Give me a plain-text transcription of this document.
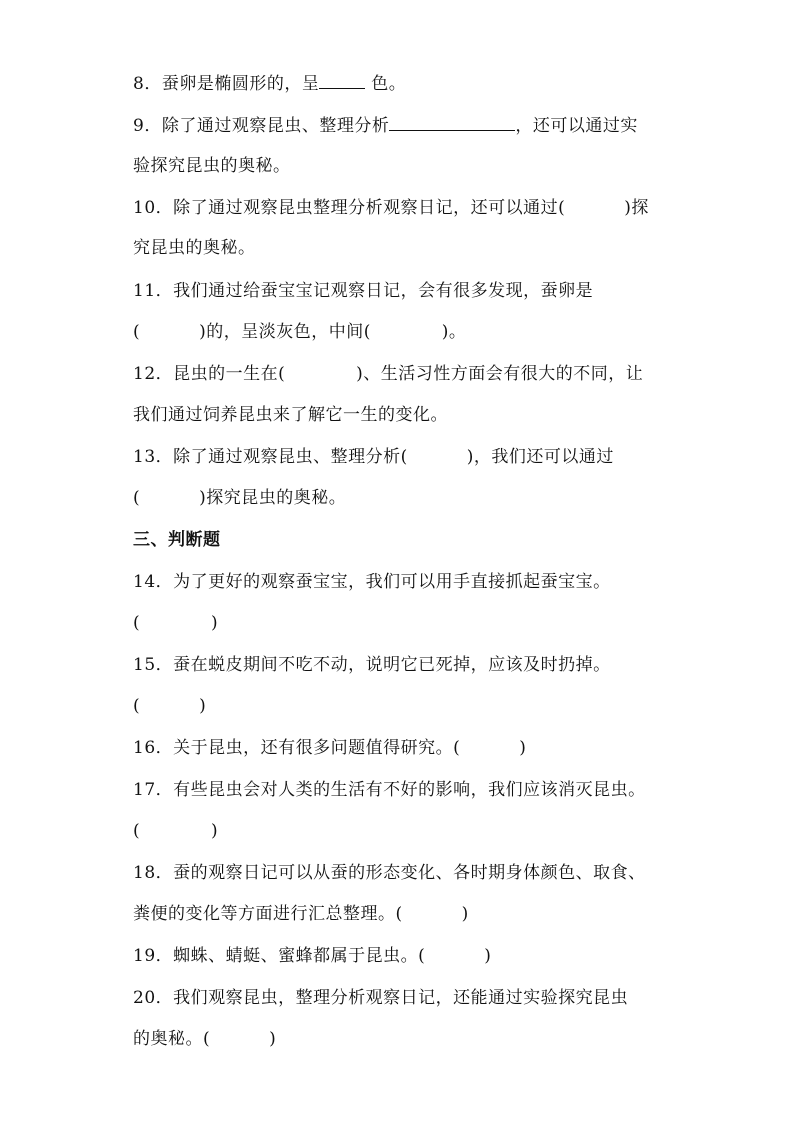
8．蚕卵是椭圆形的，呈	色。
9．除了通过观察昆虫、整理分析	，还可以通过实
验探究昆虫的奥秘。
10．除了通过观察昆虫整理分析观察日记，还可以通过(          )探
究昆虫的奥秘。
11．我们通过给蚕宝宝记观察日记，会有很多发现，蚕卵是
(          )的，呈淡灰色，中间(            )。
12．昆虫的一生在(            )、生活习性方面会有很大的不同，让
我们通过饲养昆虫来了解它一生的变化。
13．除了通过观察昆虫、整理分析(          )，我们还可以通过
(          )探究昆虫的奥秘。
三、判断题
14．为了更好的观察蚕宝宝，我们可以用手直接抓起蚕宝宝。
(            )
15．蚕在蜕皮期间不吃不动，说明它已死掉，应该及时扔掉。
(          )
16．关于昆虫，还有很多问题值得研究。(          )
17．有些昆虫会对人类的生活有不好的影响，我们应该消灭昆虫。
(            )
18．蚕的观察日记可以从蚕的形态变化、各时期身体颜色、取食、
粪便的变化等方面进行汇总整理。(          )
19．蜘蛛、蜻蜓、蜜蜂都属于昆虫。(          )
20．我们观察昆虫，整理分析观察日记，还能通过实验探究昆虫
的奥秘。(          )
